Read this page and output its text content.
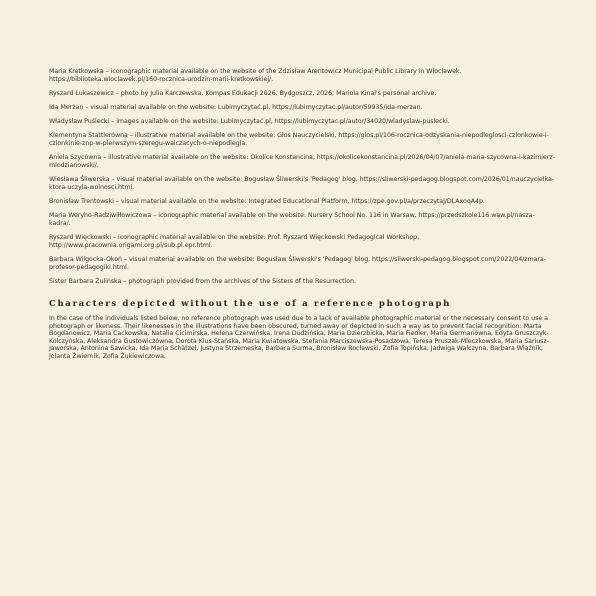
Maria Kretkowska – iconographic material available on the website of the Zdzisław Arentowicz Municipal Public Library in Włocławek, https://biblioteka.wloclawek.pl/160-rocznica-urodzin-marii-kretkowskiej/.

Ryszard Łukaszewicz – photo by Julia Karczewska, Kompas Edukacji 2026, Bydgoszcz, 2026; Mariola Kinal's personal archive.

Ida Merżan – visual material available on the website: Lubimyczytać.pl, https://lubimyczytac.pl/autor/59935/ida-merzan.

Władysław Puślecki – images available on the website: Lubimyczytać.pl, https://lubimyczytac.pl/autor/34020/wladyslaw-puslecki.

Klementyna Stattlerówna – illustrative material available on the website: Głos Nauczycielski, https://glos.pl/106-rocznica-odzyskania-niepodleglosci-czlonkowie-i-czlonkinie-znp-w-pierwszym-szeregu-walczacych-o-niepodlegla.

Aniela Szycówna – illustrative material available on the website: Okolice Konstancina, https://okolicekonstancina.pl/2026/04/07/aniela-maria-szycowna-i-kazimierz-mlodzianowski/.

Wiesława Śliwerska – visual material available on the website: Bogusław Śliwerski's 'Pedagog' blog, https://sliwerski-pedagog.blogspot.com/2026/01/nauczycielka-ktora-uczyla-wolnosci.html.

Bronisław Trentowski – visual material available on the website: Integrated Educational Platform, https://zpe.gov.pl/a/przeczytaj/DLAxoqA4p.

Maria Weryho-Radziwiłłowiczowa – iconographic material available on the website: Nursery School No. 116 in Warsaw, https://przedszkole116.waw.pl/nasza-kadra/.

Ryszard Więckowski – iconographic material available on the website: Prof. Ryszard Więckowski Pedagogical Workshop, http://www.pracownia.origami.org.pl/sub.pl.epr.html.

Barbara Wilgocka-Okoń – visual material available on the website: Bogusław Śliwerski's 'Pedagog' blog, https://sliwerski-pedagog.blogspot.com/2022/04/zmara-profesor-pedagogiki.html.

Sister Barbara Żulińska – photograph provided from the archives of the Sisters of the Resurrection.

Characters depicted without the use of a reference photograph

In the case of the individuals listed below, no reference photograph was used due to a lack of available photographic material or the necessary consent to use a photograph or likeness. Their likenesses in the illustrations have been obscured, turned away or depicted in such a way as to prevent facial recognition: Marta Bogdanowicz, Maria Cackowska, Natalia Cicimirska, Helena Czerwińska, Irena Dudzińska, Maria Dzierzbicka, Maria Fiedler, Maria Germanówna, Edyta Gruszczyk-Kolczyńska, Aleksandra Gustowiczówna, Dorota Klus-Stańska, Maria Kwiatowska, Stefania Marciszewska-Posadzowa, Teresa Pruszak-Mleczkowska, Maria Sariusz-Jaworska, Antonina Sawicka, Ida Maria Schätzel, Justyna Strzemeska, Barbara Surma, Bronisław Rocławski, Zofia Topińska, Jadwiga Walczyna, Barbara Wlaźnik, Jolanta Żwiernik, Zofia Żukiewiczowa.
